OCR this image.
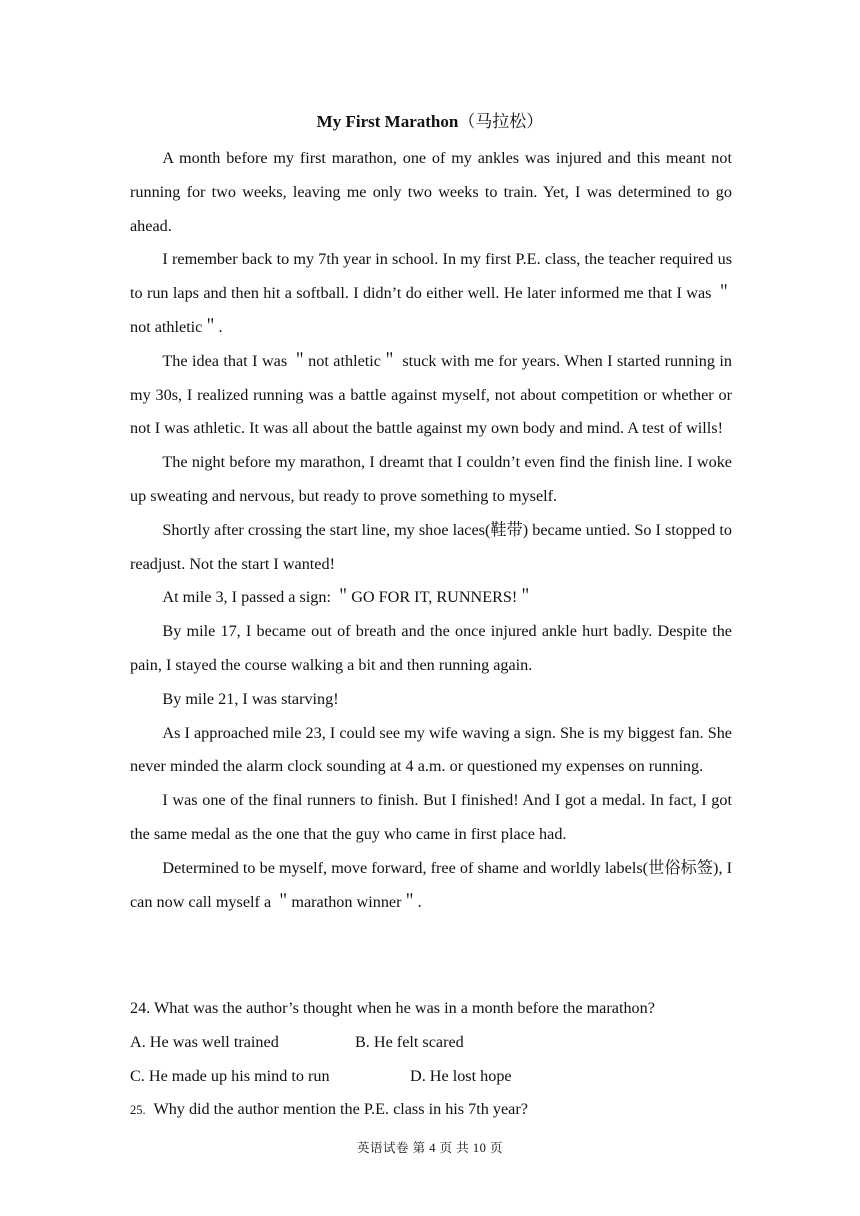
My First Marathon（马拉松）

A month before my first marathon, one of my ankles was injured and this meant not running for two weeks, leaving me only two weeks to train. Yet, I was determined to go ahead.

I remember back to my 7th year in school. In my first P.E. class, the teacher required us to run laps and then hit a softball. I didn’t do either well. He later informed me that I was ＂not athletic＂.

The idea that I was ＂not athletic＂ stuck with me for years. When I started running in my 30s, I realized running was a battle against myself, not about competition or whether or not I was athletic. It was all about the battle against my own body and mind. A test of wills!

The night before my marathon, I dreamt that I couldn’t even find the finish line. I woke up sweating and nervous, but ready to prove something to myself.

Shortly after crossing the start line, my shoe laces(鞋带) became untied. So I stopped to readjust. Not the start I wanted!

At mile 3, I passed a sign: ＂GO FOR IT, RUNNERS!＂

By mile 17, I became out of breath and the once injured ankle hurt badly. Despite the pain, I stayed the course walking a bit and then running again.

By mile 21, I was starving!

As I approached mile 23, I could see my wife waving a sign. She is my biggest fan. She never minded the alarm clock sounding at 4 a.m. or questioned my expenses on running.

I was one of the final runners to finish. But I finished! And I got a medal. In fact, I got the same medal as the one that the guy who came in first place had.

Determined to be myself, move forward, free of shame and worldly labels(世俗标签), I can now call myself a ＂marathon winner＂.

24. What was the author’s thought when he was in a month before the marathon?

A. He was well trained	B. He felt scared
C. He made up his mind to run	D. He lost hope

25. Why did the author mention the P.E. class in his 7th year?

英语试卷 第 4 页 共 10 页
